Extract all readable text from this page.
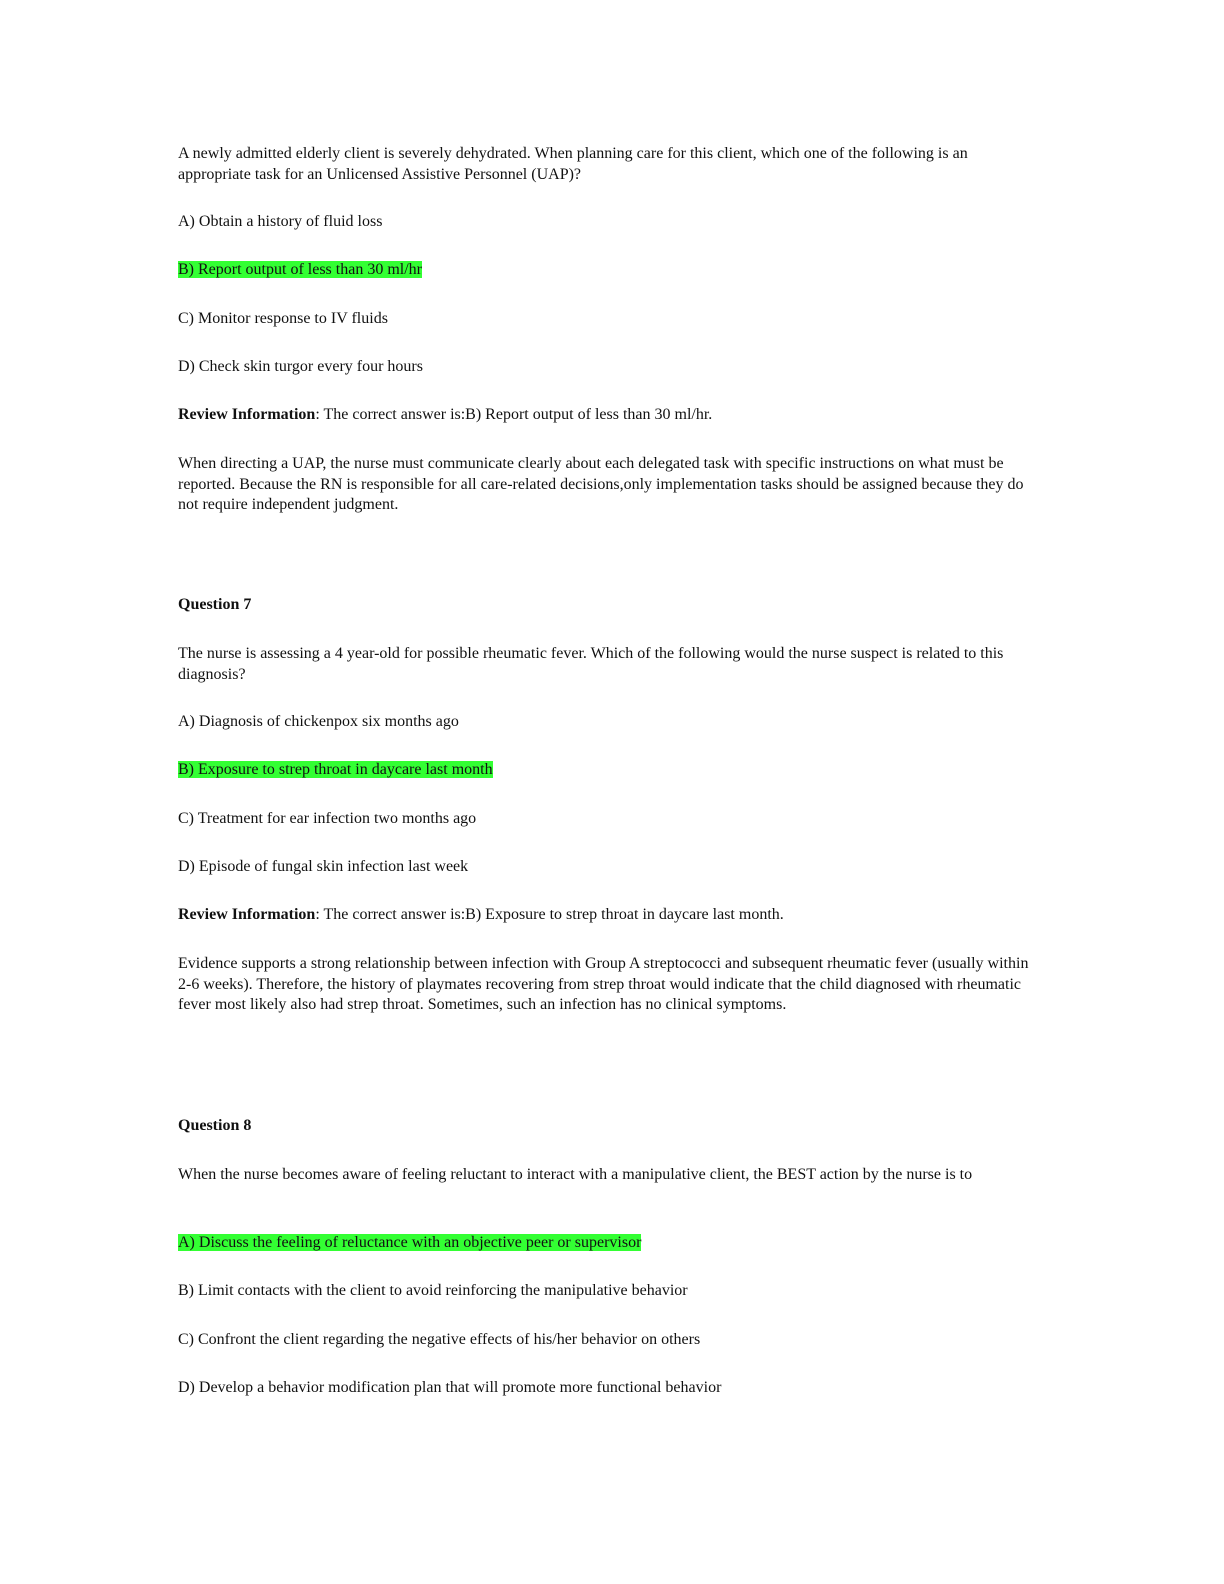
A newly admitted elderly client is severely dehydrated. When planning care for this client, which one of the following is an appropriate task for an Unlicensed Assistive Personnel (UAP)?
A) Obtain a history of fluid loss
B) Report output of less than 30 ml/hr
C) Monitor response to IV fluids
D) Check skin turgor every four hours
Review Information: The correct answer is:B) Report output of less than 30 ml/hr.
When directing a UAP, the nurse must communicate clearly about each delegated task with specific instructions on what must be reported. Because the RN is responsible for all care-related decisions,only implementation tasks should be assigned because they do not require independent judgment.
Question 7
The nurse is assessing a 4 year-old for possible rheumatic fever. Which of the following would the nurse suspect is related to this diagnosis?
A) Diagnosis of chickenpox six months ago
B) Exposure to strep throat in daycare last month
C) Treatment for ear infection two months ago
D) Episode of fungal skin infection last week
Review Information: The correct answer is:B) Exposure to strep throat in daycare last month.
Evidence supports a strong relationship between infection with Group A streptococci and subsequent rheumatic fever (usually within 2-6 weeks). Therefore, the history of playmates recovering from strep throat would indicate that the child diagnosed with rheumatic fever most likely also had strep throat. Sometimes, such an infection has no clinical symptoms.
Question 8
When the nurse becomes aware of feeling reluctant to interact with a manipulative client, the BEST action by the nurse is to
A) Discuss the feeling of reluctance with an objective peer or supervisor
B) Limit contacts with the client to avoid reinforcing the manipulative behavior
C) Confront the client regarding the negative effects of his/her behavior on others
D) Develop a behavior modification plan that will promote more functional behavior
